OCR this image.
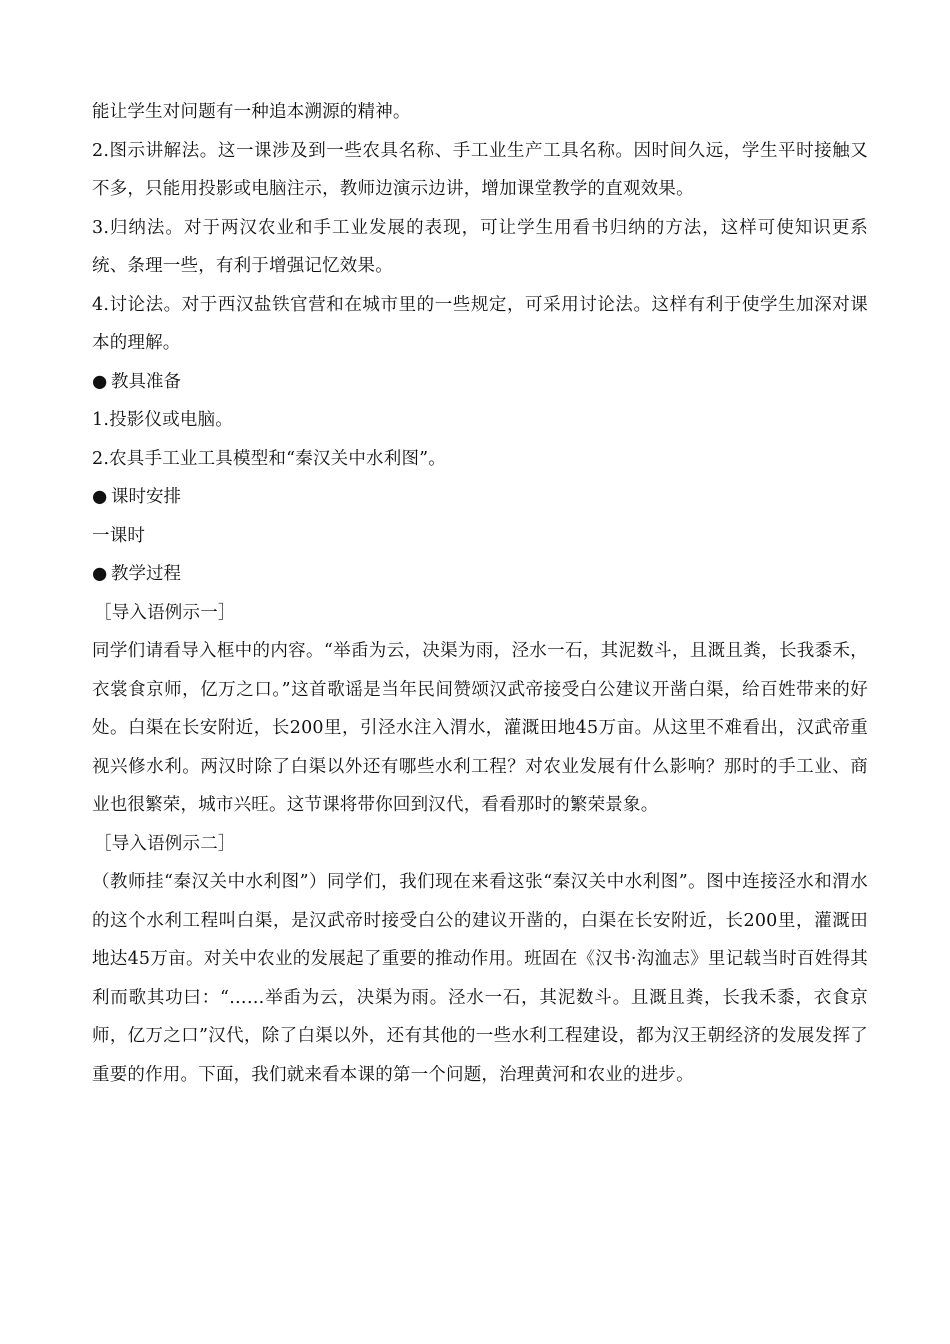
能让学生对问题有一种追本溯源的精神。

2.图示讲解法。这一课涉及到一些农具名称、手工业生产工具名称。因时间久远，学生平时接触又不多，只能用投影或电脑注示，教师边演示边讲，增加课堂教学的直观效果。

3.归纳法。对于两汉农业和手工业发展的表现，可让学生用看书归纳的方法，这样可使知识更系统、条理一些，有利于增强记忆效果。

4.讨论法。对于西汉盐铁官营和在城市里的一些规定，可采用讨论法。这样有利于使学生加深对课本的理解。

● 教具准备

1.投影仪或电脑。

2.农具手工业工具模型和“秦汉关中水利图”。

● 课时安排

一课时

● 教学过程

［导入语例示一］

同学们请看导入框中的内容。“举臿为云，决渠为雨，泾水一石，其泥数斗，且溉且粪，长我黍禾，衣裳食京师，亿万之口。”这首歌谣是当年民间赞颂汉武帝接受白公建议开凿白渠，给百姓带来的好处。白渠在长安附近，长200里，引泾水注入渭水，灌溉田地45万亩。从这里不难看出，汉武帝重视兴修水利。两汉时除了白渠以外还有哪些水利工程？对农业发展有什么影响？那时的手工业、商业也很繁荣，城市兴旺。这节课将带你回到汉代，看看那时的繁荣景象。

［导入语例示二］

（教师挂“秦汉关中水利图”）同学们，我们现在来看这张“秦汉关中水利图”。图中连接泾水和渭水的这个水利工程叫白渠，是汉武帝时接受白公的建议开凿的，白渠在长安附近，长200里，灌溉田地达45万亩。对关中农业的发展起了重要的推动作用。班固在《汉书·沟洫志》里记载当时百姓得其利而歌其功曰：“……举臿为云，决渠为雨。泾水一石，其泥数斗。且溉且粪，长我禾黍，衣食京师，亿万之口”汉代，除了白渠以外，还有其他的一些水利工程建设，都为汉王朝经济的发展发挥了重要的作用。下面，我们就来看本课的第一个问题，治理黄河和农业的进步。
